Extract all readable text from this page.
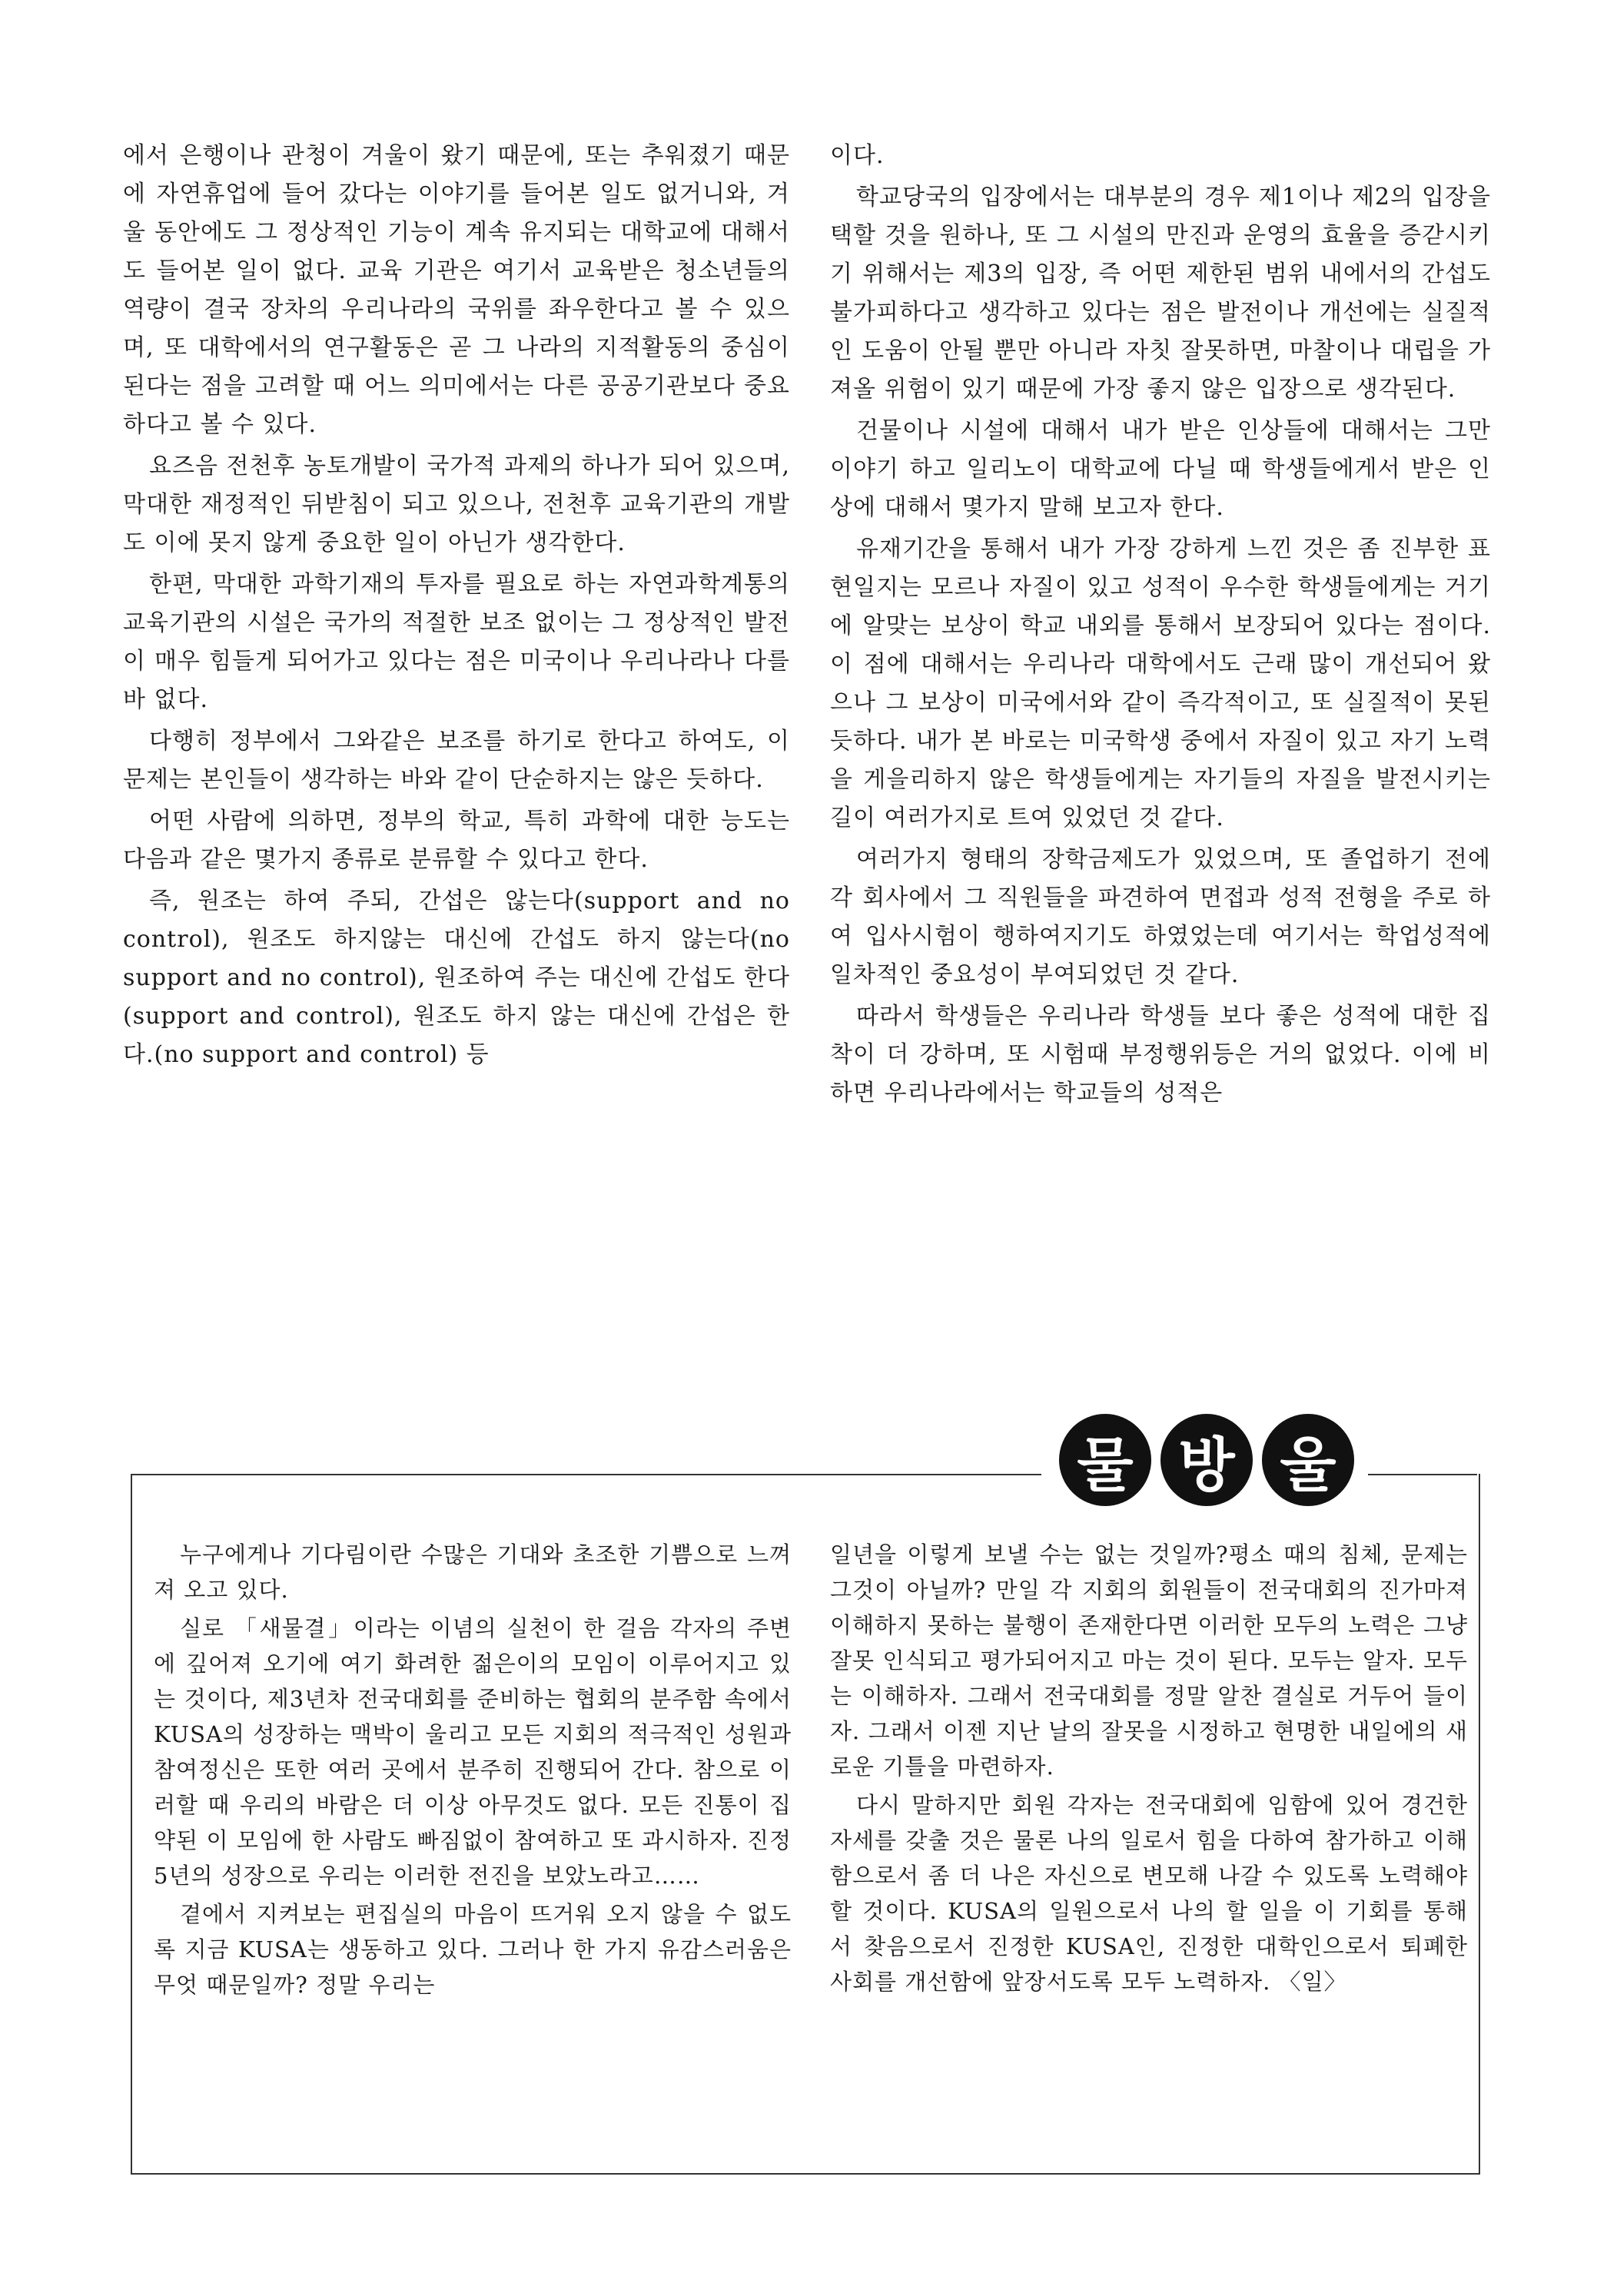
에서 은행이나 관청이 겨울이 왔기 때문에, 또는 추워졌기 때문에 자연휴업에 들어 갔다는 이야기를 들어본 일도 없거니와, 겨울 동안에도 그 정상적인 기능이 계속 유지되는 대학교에 대해서도 들어본 일이 없다. 교육 기관은 여기서 교육받은 청소년들의 역량이 결국 장차의 우리나라의 국위를 좌우한다고 볼 수 있으며, 또 대학에서의 연구활동은 곧 그 나라의 지적활동의 중심이 된다는 점을 고려할 때 어느 의미에서는 다른 공공기관보다 중요하다고 볼 수 있다.

요즈음 전천후 농토개발이 국가적 과제의 하나가 되어 있으며, 막대한 재정적인 뒤받침이 되고 있으나, 전천후 교육기관의 개발도 이에 못지 않게 중요한 일이 아닌가 생각한다.

한편, 막대한 과학기재의 투자를 필요로 하는 자연과학계통의 교육기관의 시설은 국가의 적절한 보조 없이는 그 정상적인 발전이 매우 힘들게 되어가고 있다는 점은 미국이나 우리나라나 다를 바 없다.

다행히 정부에서 그와같은 보조를 하기로 한다고 하여도, 이 문제는 본인들이 생각하는 바와 같이 단순하지는 않은 듯하다.

어떤 사람에 의하면, 정부의 학교, 특히 과학에 대한 능도는 다음과 같은 몇가지 종류로 분류할 수 있다고 한다.

즉, 원조는 하여 주되, 간섭은 않는다(support and no control), 원조도 하지않는 대신에 간섭도 하지 않는다(no support and no control), 원조하여 주는 대신에 간섭도 한다(support and control), 원조도 하지 않는 대신에 간섭은 한다.(no support and control) 등

이다.

학교당국의 입장에서는 대부분의 경우 제1이나 제2의 입장을 택할 것을 원하나, 또 그 시설의 만진과 운영의 효율을 증갇시키기 위해서는 제3의 입장, 즉 어떤 제한된 범위 내에서의 간섭도 불가피하다고 생각하고 있다는 점은 발전이나 개선에는 실질적인 도움이 안될 뿐만 아니라 자칫 잘못하면, 마찰이나 대립을 가져올 위험이 있기 때문에 가장 좋지 않은 입장으로 생각된다.

건물이나 시설에 대해서 내가 받은 인상들에 대해서는 그만 이야기 하고 일리노이 대학교에 다닐 때 학생들에게서 받은 인상에 대해서 몇가지 말해 보고자 한다.

유재기간을 통해서 내가 가장 강하게 느낀 것은 좀 진부한 표현일지는 모르나 자질이 있고 성적이 우수한 학생들에게는 거기에 알맞는 보상이 학교 내외를 통해서 보장되어 있다는 점이다. 이 점에 대해서는 우리나라 대학에서도 근래 많이 개선되어 왔으나 그 보상이 미국에서와 같이 즉각적이고, 또 실질적이 못된 듯하다. 내가 본 바로는 미국학생 중에서 자질이 있고 자기 노력을 게을리하지 않은 학생들에게는 자기들의 자질을 발전시키는 길이 여러가지로 트여 있었던 것 같다.

여러가지 형태의 장학금제도가 있었으며, 또 졸업하기 전에 각 회사에서 그 직원들을 파견하여 면접과 성적 전형을 주로 하여 입사시험이 행하여지기도 하였었는데 여기서는 학업성적에 일차적인 중요성이 부여되었던 것 같다.

따라서 학생들은 우리나라 학생들 보다 좋은 성적에 대한 집착이 더 강하며, 또 시험때 부정행위등은 거의 없었다. 이에 비하면 우리나라에서는 학교들의 성적은

물 방 울

누구에게나 기다림이란 수많은 기대와 초조한 기쁨으로 느껴져 오고 있다.

실로 「새물결」이라는 이념의 실천이 한 걸음 각자의 주변에 깊어져 오기에 여기 화려한 젊은이의 모임이 이루어지고 있는 것이다, 제3년차 전국대회를 준비하는 협회의 분주함 속에서 KUSA의 성장하는 맥박이 울리고 모든 지회의 적극적인 성원과 참여정신은 또한 여러 곳에서 분주히 진행되어 간다. 참으로 이러할 때 우리의 바람은 더 이상 아무것도 없다. 모든 진통이 집약된 이 모임에 한 사람도 빠짐없이 참여하고 또 과시하자. 진정 5년의 성장으로 우리는 이러한 전진을 보았노라고……

곁에서 지켜보는 편집실의 마음이 뜨거워 오지 않을 수 없도록 지금 KUSA는 생동하고 있다. 그러나 한 가지 유감스러움은 무엇 때문일까? 정말 우리는

일년을 이렇게 보낼 수는 없는 것일까?평소 때의 침체, 문제는 그것이 아닐까? 만일 각 지회의 회원들이 전국대회의 진가마져 이해하지 못하는 불행이 존재한다면 이러한 모두의 노력은 그냥 잘못 인식되고 평가되어지고 마는 것이 된다. 모두는 알자. 모두는 이해하자. 그래서 전국대회를 정말 알찬 결실로 거두어 들이자. 그래서 이젠 지난 날의 잘못을 시정하고 현명한 내일에의 새로운 기틀을 마련하자.

다시 말하지만 회원 각자는 전국대회에 임함에 있어 경건한 자세를 갖출 것은 물론 나의 일로서 힘을 다하여 참가하고 이해함으로서 좀 더 나은 자신으로 변모해 나갈 수 있도록 노력해야 할 것이다. KUSA의 일원으로서 나의 할 일을 이 기회를 통해서 찾음으로서 진정한 KUSA인, 진정한 대학인으로서 퇴폐한 사회를 개선함에 앞장서도록 모두 노력하자. 〈일〉
